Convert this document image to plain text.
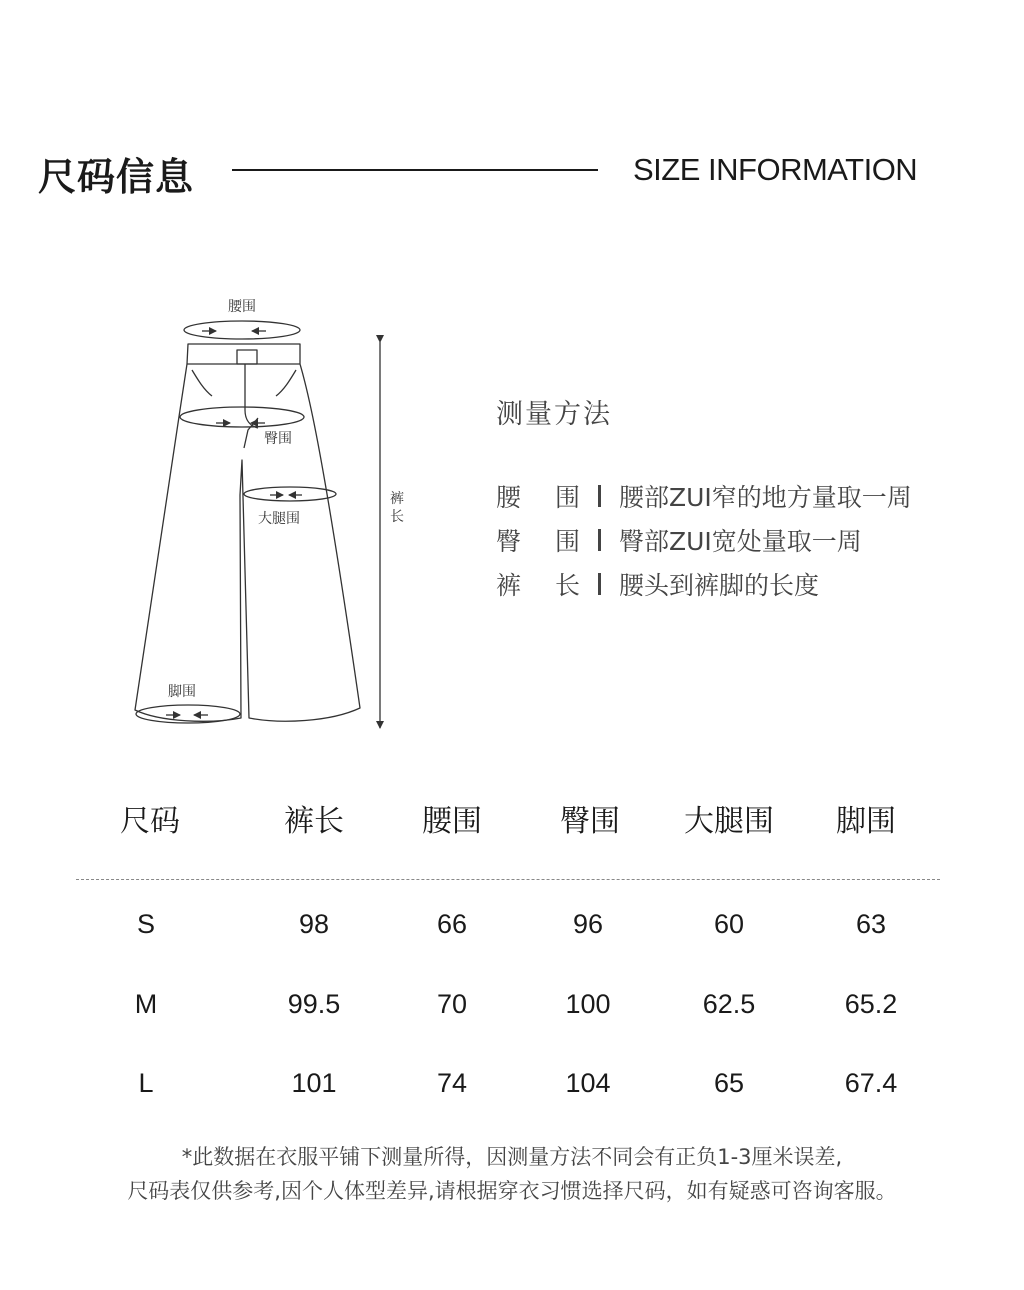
尺码信息	SIZE INFORMATION
腰围
臀围
大腿围
脚围
裤
长
测量方法
腰 围 腰部ZUI窄的地方量取一周
臀 围 臀部ZUI宽处量取一周
裤 长 腰头到裤脚的长度
尺码	裤长	腰围	臀围 大腿围 脚围
S	98	66	96	60	63
M	99.5	70	100	62.5	65.2
L	101	74	104	65	67.4
*此数据在衣服平铺下测量所得，因测量方法不同会有正负1-3厘米误差,
尺码表仅供参考,因个人体型差异,请根据穿衣习惯选择尺码，如有疑惑可咨询客服。
